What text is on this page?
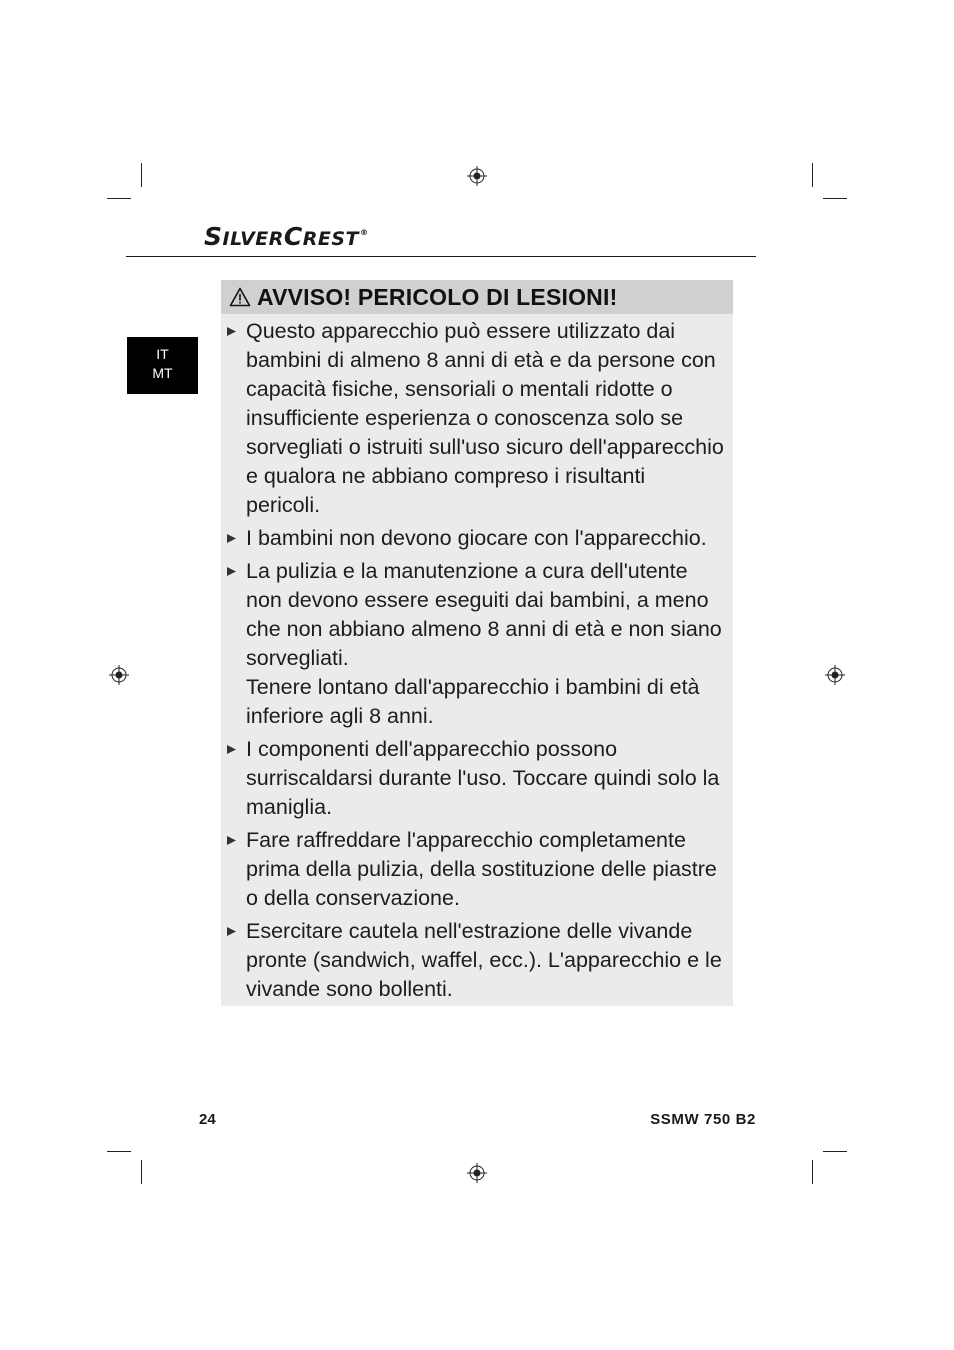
SILVERCREST®
IT
MT
AVVISO! PERICOLO DI LESIONI!

Questo apparecchio può essere utilizzato dai bambini di almeno 8 anni di età e da persone con capacità fisiche, sensoriali o mentali ridotte o insufficiente esperienza o conoscenza solo se sorvegliati o istruiti sull'uso sicuro dell'apparecchio e qualora ne abbiano compreso i risultanti pericoli.

I bambini non devono giocare con l'apparecchio.

La pulizia e la manutenzione a cura dell'utente non devono essere eseguiti dai bambini, a meno che non abbiano almeno 8 anni di età e non siano sorvegliati.

Tenere lontano dall'apparecchio i bambini di età inferiore agli 8 anni.

I componenti dell'apparecchio possono surriscaldarsi durante l'uso. Toccare quindi solo la maniglia.

Fare raffreddare l'apparecchio completamente prima della pulizia, della sostituzione delle piastre o della conservazione.

Esercitare cautela nell'estrazione delle vivande pronte (sandwich, waffel, ecc.). L'apparecchio e le vivande sono bollenti.

24	SSMW 750 B2
